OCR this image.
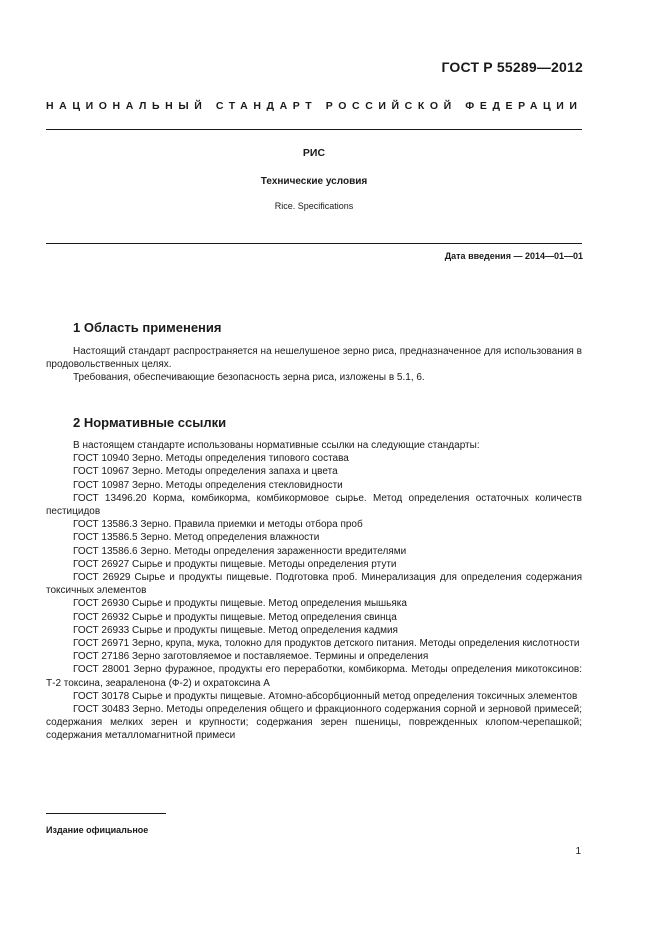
ГОСТ Р 55289—2012
НАЦИОНАЛЬНЫЙ СТАНДАРТ РОССИЙСКОЙ ФЕДЕРАЦИИ
РИС
Технические условия
Rice. Specifications
Дата введения — 2014—01—01
1 Область применения

Настоящий стандарт распространяется на нешелушеное зерно риса, предназначенное для использования в продовольственных целях.

Требования, обеспечивающие безопасность зерна риса, изложены в 5.1, 6.

2 Нормативные ссылки

В настоящем стандарте использованы нормативные ссылки на следующие стандарты:

ГОСТ 10940 Зерно. Методы определения типового состава

ГОСТ 10967 Зерно. Методы определения запаха и цвета

ГОСТ 10987 Зерно. Методы определения стекловидности

ГОСТ 13496.20 Корма, комбикорма, комбикормовое сырье. Метод определения остаточных количеств пестицидов

ГОСТ 13586.3 Зерно. Правила приемки и методы отбора проб

ГОСТ 13586.5 Зерно. Метод определения влажности

ГОСТ 13586.6 Зерно. Методы определения зараженности вредителями

ГОСТ 26927 Сырье и продукты пищевые. Методы определения ртути

ГОСТ 26929 Сырье и продукты пищевые. Подготовка проб. Минерализация для определения содержания токсичных элементов

ГОСТ 26930 Сырье и продукты пищевые. Метод определения мышьяка

ГОСТ 26932 Сырье и продукты пищевые. Метод определения свинца

ГОСТ 26933 Сырье и продукты пищевые. Метод определения кадмия

ГОСТ 26971 Зерно, крупа, мука, толокно для продуктов детского питания. Методы определения кислотности

ГОСТ 27186 Зерно заготовляемое и поставляемое. Термины и определения

ГОСТ 28001 Зерно фуражное, продукты его переработки, комбикорма. Методы определения микотоксинов: Т-2 токсина, зеараленона (Ф-2) и охратоксина А

ГОСТ 30178 Сырье и продукты пищевые. Атомно-абсорбционный метод определения токсичных элементов

ГОСТ 30483 Зерно. Методы определения общего и фракционного содержания сорной и зерновой примесей; содержания мелких зерен и крупности; содержания зерен пшеницы, поврежденных клопом-черепашкой; содержания металломагнитной примеси

Издание официальное
1
